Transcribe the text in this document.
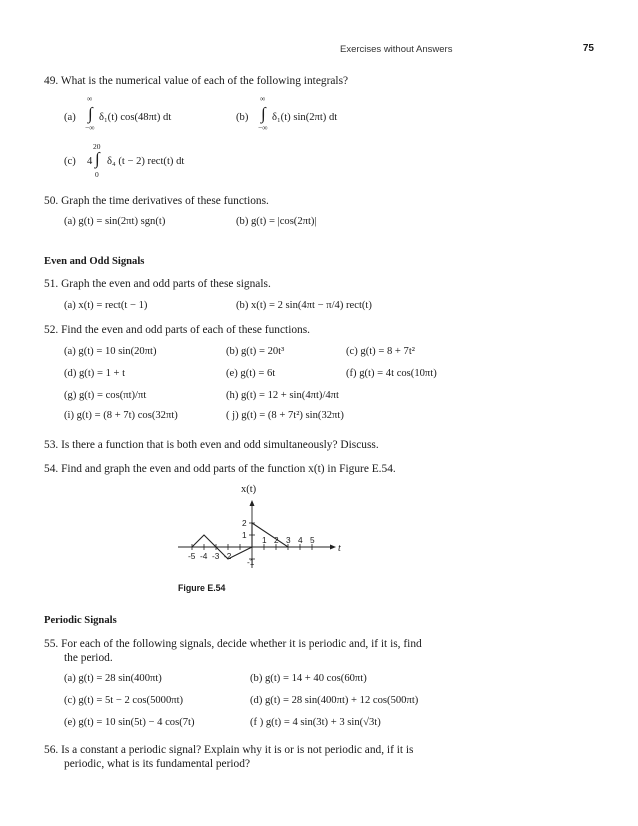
Exercises without Answers	75
49. What is the numerical value of each of the following integrals?
(a)
∞
∫
−∞
δ₁(t) cos(48πt) dt	(b)
∞
∫
−∞
δ₁(t) sin(2πt) dt
(c) 4
20
∫
0
δ₄ (t − 2) rect(t) dt
50. Graph the time derivatives of these functions.
(a) g(t) = sin(2πt) sgn(t)	(b) g(t) = |cos(2πt)|
Even and Odd Signals
51. Graph the even and odd parts of these signals.
(a) x(t) = rect(t − 1)	(b) x(t) = 2 sin(4πt − π/4) rect(t)
52. Find the even and odd parts of each of these functions.
(a) g(t) = 10 sin(20πt)	(b) g(t) = 20t³	(c) g(t) = 8 + 7t²
(d) g(t) = 1 + t	(e) g(t) = 6t	(f) g(t) = 4t cos(10πt)
(g) g(t) = cos(πt)/πt	(h) g(t) = 12 + sin(4πt)/4πt
(i) g(t) = (8 + 7t) cos(32πt)	( j) g(t) = (8 + 7t²) sin(32πt)
53. Is there a function that is both even and odd simultaneously? Discuss.
54. Find and graph the even and odd parts of the function x(t) in Figure E.54.
x(t)
t
2
1
-1
1 2 3 4 5
-5 -4 -3 -2
Figure E.54
Periodic Signals
55. For each of the following signals, decide whether it is periodic and, if it is, find
the period.
(a) g(t) = 28 sin(400πt)	(b) g(t) = 14 + 40 cos(60πt)
(c) g(t) = 5t − 2 cos(5000πt)	(d) g(t) = 28 sin(400πt) + 12 cos(500πt)
(e) g(t) = 10 sin(5t) − 4 cos(7t)	(f ) g(t) = 4 sin(3t) + 3 sin(√3t)
56. Is a constant a periodic signal? Explain why it is or is not periodic and, if it is
periodic, what is its fundamental period?
